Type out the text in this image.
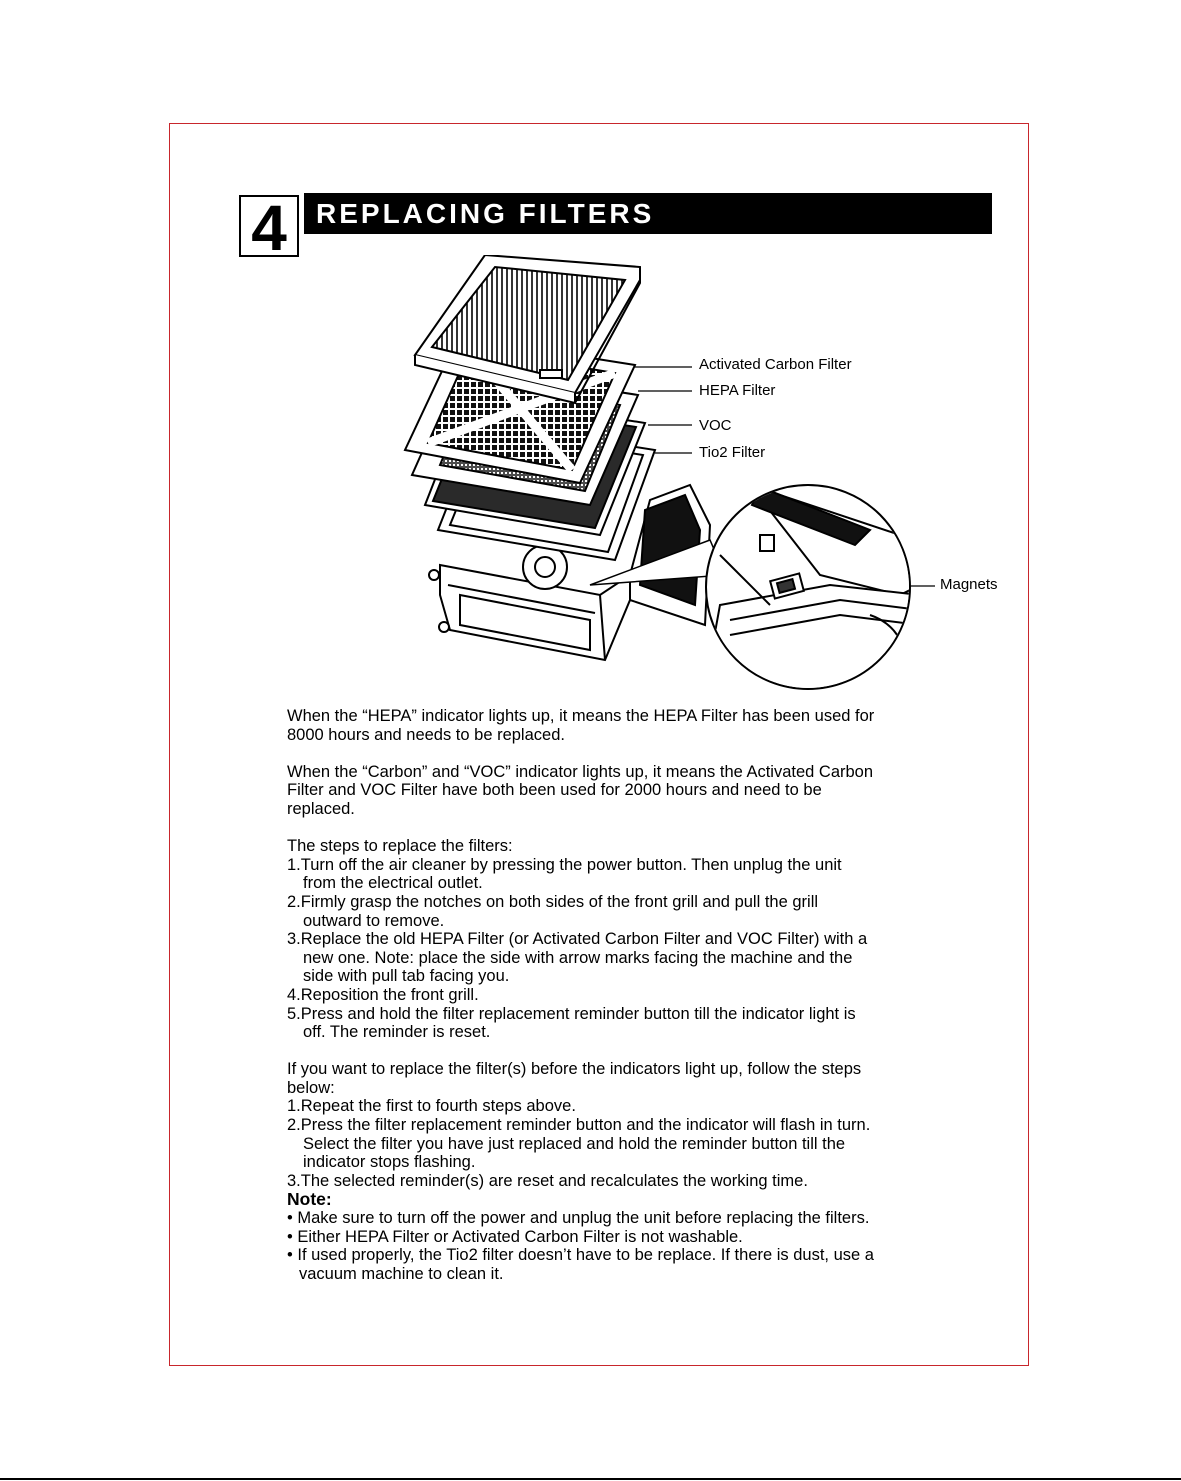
4	REPLACING FILTERS
Activated Carbon Filter
HEPA Filter
VOC
Tio2 Filter
Magnets

When the “HEPA” indicator lights up, it means the HEPA Filter has been used for

8000 hours and needs to be replaced.

When the “Carbon” and “VOC” indicator lights up, it means the Activated Carbon

Filter and VOC Filter have both been used for 2000 hours and need to be

replaced.

The steps to replace the filters:

1.Turn off the air cleaner by pressing the power button. Then unplug the unit

from the electrical outlet.

2.Firmly grasp the notches on both sides of the front grill and pull the grill

outward to remove.

3.Replace the old HEPA Filter (or Activated Carbon Filter and VOC Filter) with a

new one. Note: place the side with arrow marks facing the machine and the

side with pull tab facing you.

4.Reposition the front grill.

5.Press and hold the filter replacement reminder button till the indicator light is

off. The reminder is reset.

If you want to replace the filter(s) before the indicators light up, follow the steps

below:

1.Repeat the first to fourth steps above.

2.Press the filter replacement reminder button and the indicator will flash in turn.

Select the filter you have just replaced and hold the reminder button till the

indicator stops flashing.

3.The selected reminder(s) are reset and recalculates the working time.

Note:

• Make sure to turn off the power and unplug the unit before replacing the filters.

• Either HEPA Filter or Activated Carbon Filter is not washable.

• If used properly, the Tio2 filter doesn’t have to be replace. If there is dust, use a

vacuum machine to clean it.
